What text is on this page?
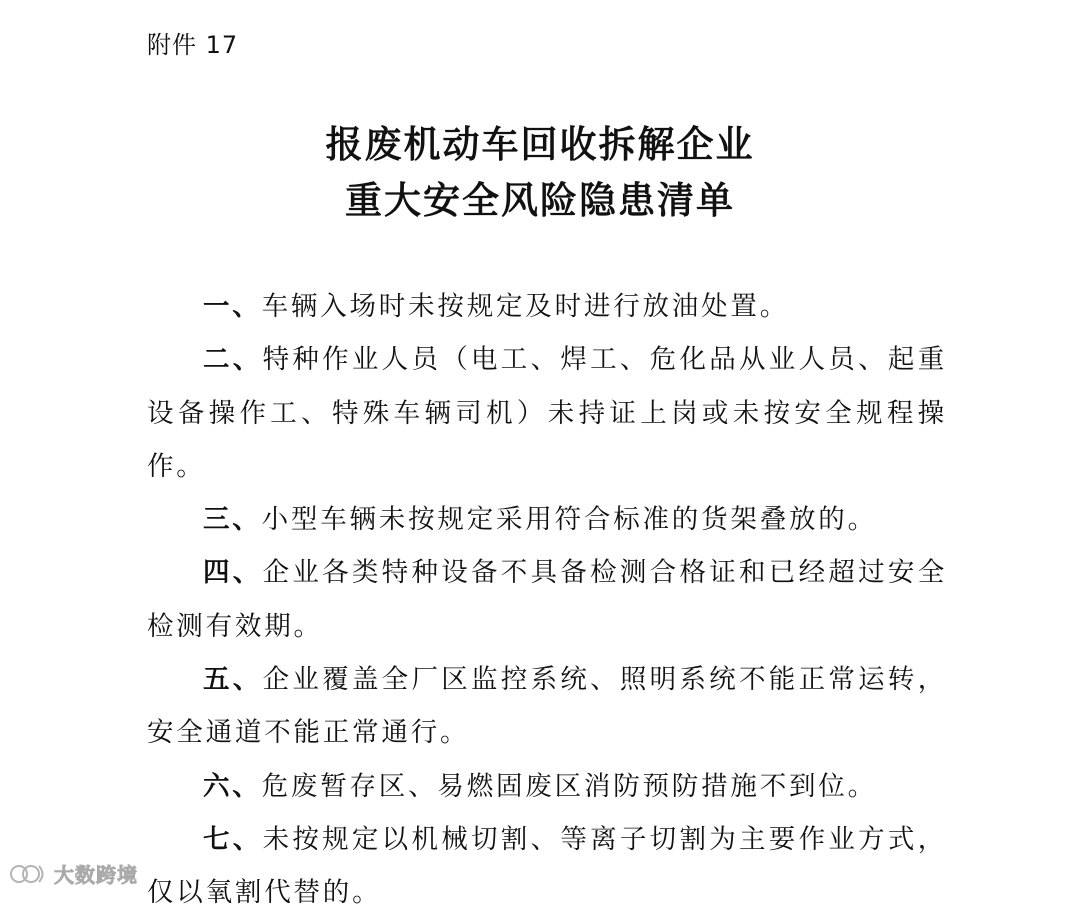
附件 17
报废机动车回收拆解企业
重大安全风险隐患清单

一、车辆入场时未按规定及时进行放油处置。

二、特种作业人员（电工、焊工、危化品从业人员、起重设备操作工、特殊车辆司机）未持证上岗或未按安全规程操作。

三、小型车辆未按规定采用符合标准的货架叠放的。

四、企业各类特种设备不具备检测合格证和已经超过安全检测有效期。

五、企业覆盖全厂区监控系统、照明系统不能正常运转，安全通道不能正常通行。

六、危废暂存区、易燃固废区消防预防措施不到位。

七、未按规定以机械切割、等离子切割为主要作业方式，仅以氧割代替的。

大数跨境
